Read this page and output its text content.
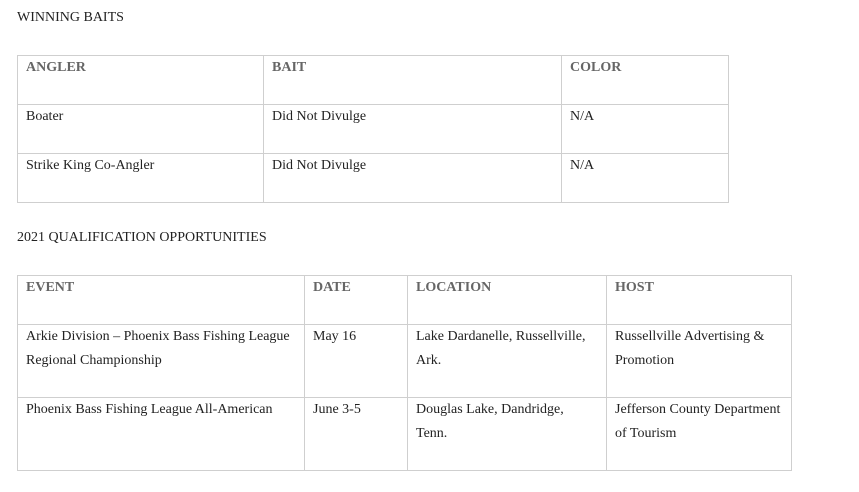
WINNING BAITS
ANGLER	BAIT	COLOR
Boater	Did Not Divulge	N/A
Strike King Co-Angler	Did Not Divulge	N/A
2021 QUALIFICATION OPPORTUNITIES
EVENT	DATE	LOCATION	HOST
Arkie Division – Phoenix Bass Fishing League Regional Championship	May 16	Lake Dardanelle, Russellville, Ark.	Russellville Advertising & Promotion
Phoenix Bass Fishing League All-American	June 3-5	Douglas Lake, Dandridge, Tenn.	Jefferson County Department of Tourism
